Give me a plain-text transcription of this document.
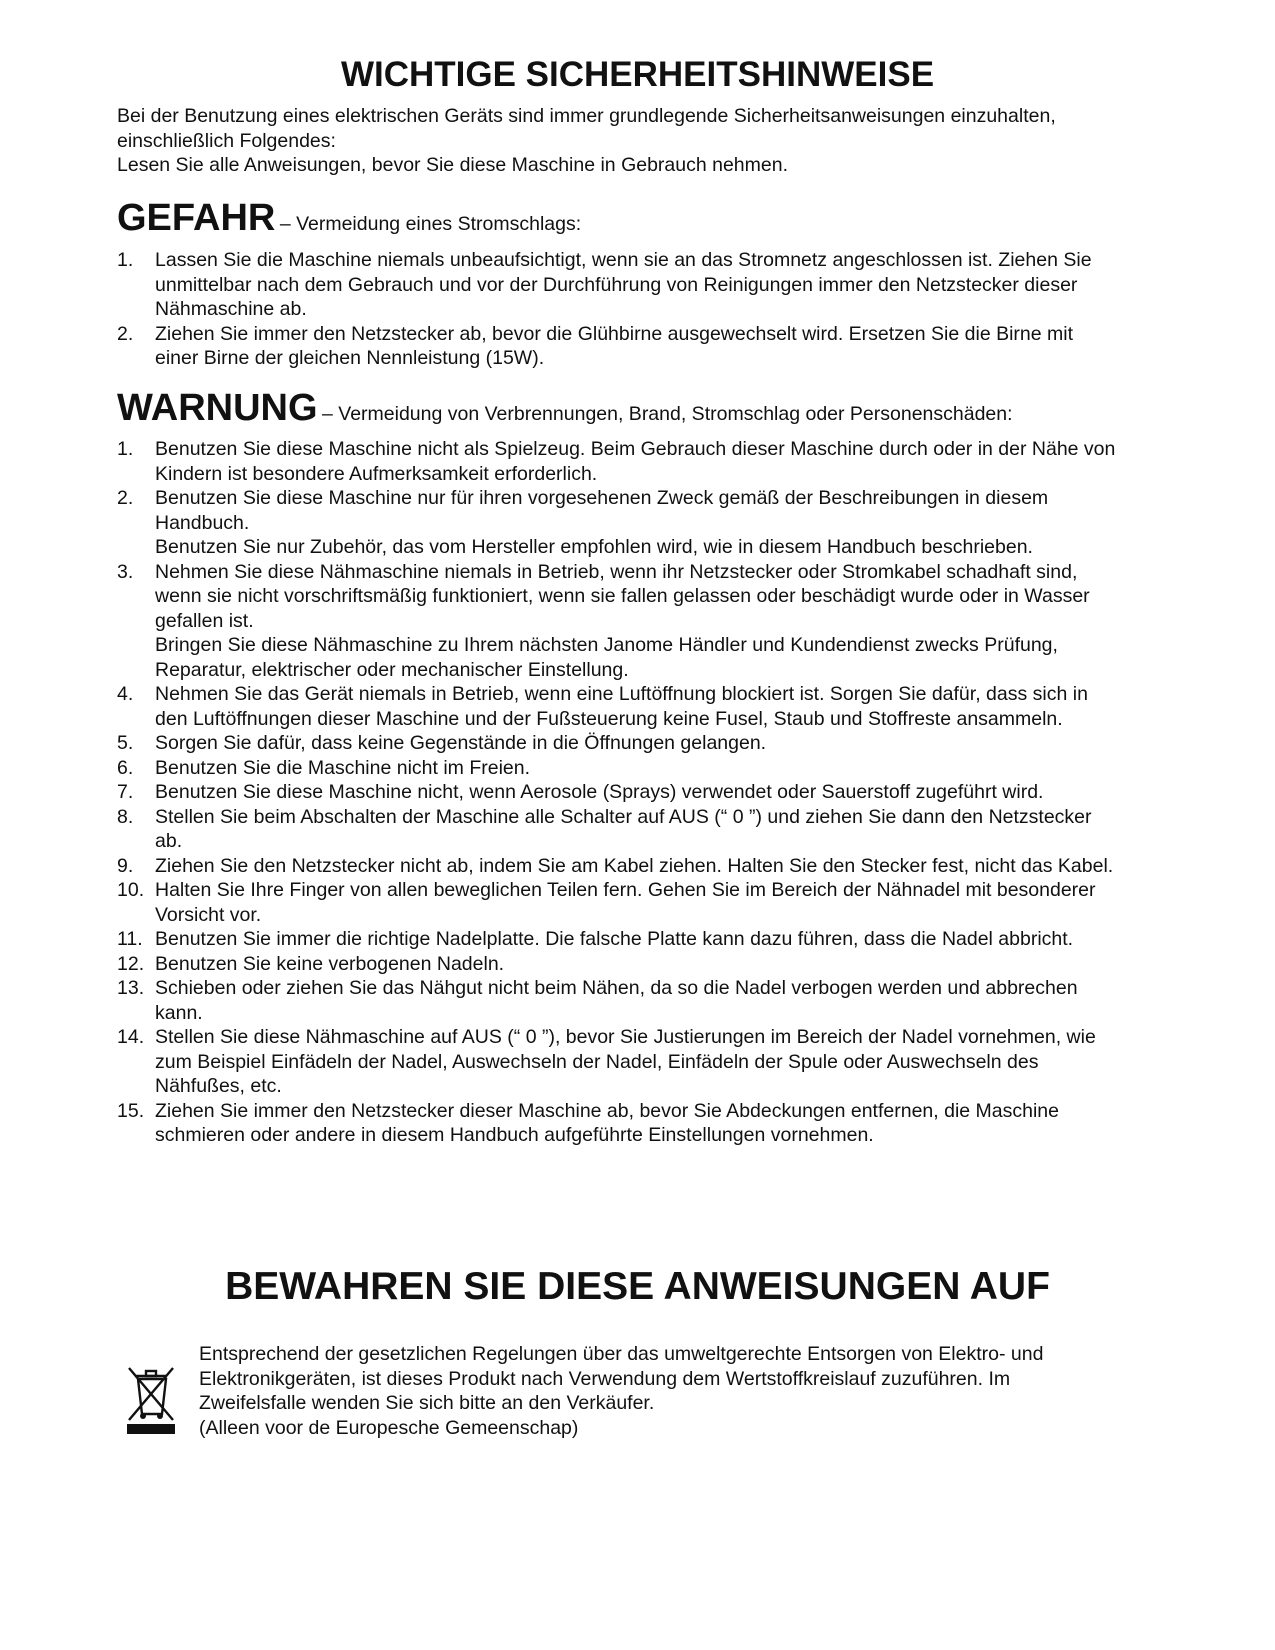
WICHTIGE SICHERHEITSHINWEISE

Bei der Benutzung eines elektrischen Geräts sind immer grundlegende Sicherheitsanweisungen einzuhalten, einschließlich Folgendes:

Lesen Sie alle Anweisungen, bevor Sie diese Maschine in Gebrauch nehmen.

GEFAHR – Vermeidung eines Stromschlags:
1. Lassen Sie die Maschine niemals unbeaufsichtigt, wenn sie an das Stromnetz angeschlossen ist. Ziehen Sie unmittelbar nach dem Gebrauch und vor der Durchführung von Reinigungen immer den Netzstecker dieser Nähmaschine ab.
2. Ziehen Sie immer den Netzstecker ab, bevor die Glühbirne ausgewechselt wird. Ersetzen Sie die Birne mit einer Birne der gleichen Nennleistung (15W).
WARNUNG – Vermeidung von Verbrennungen, Brand, Stromschlag oder Personenschäden:
1. Benutzen Sie diese Maschine nicht als Spielzeug. Beim Gebrauch dieser Maschine durch oder in der Nähe von Kindern ist besondere Aufmerksamkeit erforderlich.
2. Benutzen Sie diese Maschine nur für ihren vorgesehenen Zweck gemäß der Beschreibungen in diesem Handbuch.
Benutzen Sie nur Zubehör, das vom Hersteller empfohlen wird, wie in diesem Handbuch beschrieben.
3. Nehmen Sie diese Nähmaschine niemals in Betrieb, wenn ihr Netzstecker oder Stromkabel schadhaft sind, wenn sie nicht vorschriftsmäßig funktioniert, wenn sie fallen gelassen oder beschädigt wurde oder in Wasser gefallen ist.
Bringen Sie diese Nähmaschine zu Ihrem nächsten Janome Händler und Kundendienst zwecks Prüfung, Reparatur, elektrischer oder mechanischer Einstellung.
4. Nehmen Sie das Gerät niemals in Betrieb, wenn eine Luftöffnung blockiert ist. Sorgen Sie dafür, dass sich in den Luftöffnungen dieser Maschine und der Fußsteuerung keine Fusel, Staub und Stoffreste ansammeln.
5. Sorgen Sie dafür, dass keine Gegenstände in die Öffnungen gelangen.
6. Benutzen Sie die Maschine nicht im Freien.
7. Benutzen Sie diese Maschine nicht, wenn Aerosole (Sprays) verwendet oder Sauerstoff zugeführt wird.
8. Stellen Sie beim Abschalten der Maschine alle Schalter auf AUS (“ 0 ”) und ziehen Sie dann den Netzstecker ab.
9. Ziehen Sie den Netzstecker nicht ab, indem Sie am Kabel ziehen. Halten Sie den Stecker fest, nicht das Kabel.
10. Halten Sie Ihre Finger von allen beweglichen Teilen fern. Gehen Sie im Bereich der Nähnadel mit besonderer Vorsicht vor.
11. Benutzen Sie immer die richtige Nadelplatte. Die falsche Platte kann dazu führen, dass die Nadel abbricht.
12. Benutzen Sie keine verbogenen Nadeln.
13. Schieben oder ziehen Sie das Nähgut nicht beim Nähen, da so die Nadel verbogen werden und abbrechen kann.
14. Stellen Sie diese Nähmaschine auf AUS (“ 0 ”), bevor Sie Justierungen im Bereich der Nadel vornehmen, wie zum Beispiel Einfädeln der Nadel, Auswechseln der Nadel, Einfädeln der Spule oder Auswechseln des Nähfußes, etc.
15. Ziehen Sie immer den Netzstecker dieser Maschine ab, bevor Sie Abdeckungen entfernen, die Maschine schmieren oder andere in diesem Handbuch aufgeführte Einstellungen vornehmen.
BEWAHREN SIE DIESE ANWEISUNGEN AUF

Entsprechend der gesetzlichen Regelungen über das umweltgerechte Entsorgen von Elektro- und Elektronikgeräten, ist dieses Produkt nach Verwendung dem Wertstoffkreislauf zuzuführen. Im Zweifelsfalle wenden Sie sich bitte an den Verkäufer.

(Alleen voor de Europesche Gemeenschap)
